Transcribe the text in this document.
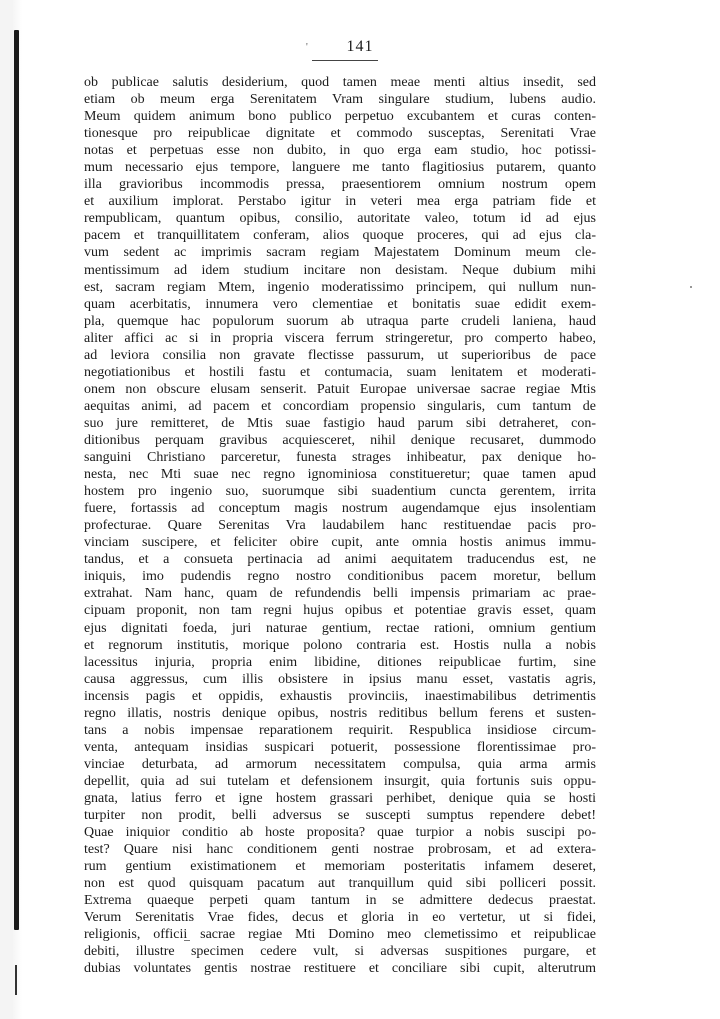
'	141
ob publicae salutis desiderium, quod tamen meae menti altius insedit, sed
etiam ob meum erga Serenitatem Vram singulare studium, lubens audio.
Meum quidem animum bono publico perpetuo excubantem et curas conten-
tionesque pro reipublicae dignitate et commodo susceptas, Serenitati Vrae
notas et perpetuas esse non dubito, in quo erga eam studio, hoc potissi-
mum necessario ejus tempore, languere me tanto flagitiosius putarem, quanto
illa gravioribus incommodis pressa, praesentiorem omnium nostrum opem
et auxilium implorat. Perstabo igitur in veteri mea erga patriam fide et
rempublicam, quantum opibus, consilio, autoritate valeo, totum id ad ejus
pacem et tranquillitatem conferam, alios quoque proceres, qui ad ejus cla-
vum sedent ac imprimis sacram regiam Majestatem Dominum meum cle-
mentissimum ad idem studium incitare non desistam. Neque dubium mihi
est, sacram regiam Mtem, ingenio moderatissimo principem, qui nullum nun-
quam acerbitatis, innumera vero clementiae et bonitatis suae edidit exem-
pla, quemque hac populorum suorum ab utraqua parte crudeli laniena, haud
aliter affici ac si in propria viscera ferrum stringeretur, pro comperto habeo,
ad leviora consilia non gravate flectisse passurum, ut superioribus de pace
negotiationibus et hostili fastu et contumacia, suam lenitatem et moderati-
onem non obscure elusam senserit. Patuit Europae universae sacrae regiae Mtis
aequitas animi, ad pacem et concordiam propensio singularis, cum tantum de
suo jure remitteret, de Mtis suae fastigio haud parum sibi detraheret, con-
ditionibus perquam gravibus acquiesceret, nihil denique recusaret, dummodo
sanguini Christiano parceretur, funesta strages inhibeatur, pax denique ho-
nesta, nec Mti suae nec regno ignominiosa constitueretur; quae tamen apud
hostem pro ingenio suo, suorumque sibi suadentium cuncta gerentem, irrita
fuere, fortassis ad conceptum magis nostrum augendamque ejus insolentiam
profecturae. Quare Serenitas Vra laudabilem hanc restituendae pacis pro-
vinciam suscipere, et feliciter obire cupit, ante omnia hostis animus immu-
tandus, et a consueta pertinacia ad animi aequitatem traducendus est, ne
iniquis, imo pudendis regno nostro conditionibus pacem moretur, bellum
extrahat. Nam hanc, quam de refundendis belli impensis primariam ac prae-
cipuam proponit, non tam regni hujus opibus et potentiae gravis esset, quam
ejus dignitati foeda, juri naturae gentium, rectae rationi, omnium gentium
et regnorum institutis, morique polono contraria est. Hostis nulla a nobis
lacessitus injuria, propria enim libidine, ditiones reipublicae furtim, sine
causa aggressus, cum illis obsistere in ipsius manu esset, vastatis agris,
incensis pagis et oppidis, exhaustis provinciis, inaestimabilibus detrimentis
regno illatis, nostris denique opibus, nostris reditibus bellum ferens et susten-
tans a nobis impensae reparationem requirit. Respublica insidiose circum-
venta, antequam insidias suspicari potuerit, possessione florentissimae pro-
vinciae deturbata, ad armorum necessitatem compulsa, quia arma armis
depellit, quia ad sui tutelam et defensionem insurgit, quia fortunis suis oppu-
gnata, latius ferro et igne hostem grassari perhibet, denique quia se hosti
turpiter non prodit, belli adversus se suscepti sumptus rependere debet!
Quae iniquior conditio ab hoste proposita? quae turpior a nobis suscipi po-
test? Quare nisi hanc conditionem genti nostrae probrosam, et ad extera-
rum gentium existimationem et memoriam posteritatis infamem deseret,
non est quod quisquam pacatum aut tranquillum quid sibi polliceri possit.
Extrema quaeque perpeti quam tantum in se admittere dedecus praestat.
Verum Serenitatis Vrae fides, decus et gloria in eo vertetur, ut si fidei,
religionis, officii sacrae regiae Mti Domino meo clemetissimo et reipublicae
debiti, illustre specimen cedere vult, si adversas suspitiones purgare, et
dubias voluntates gentis nostrae restituere et conciliare sibi cupit, alterutrum
